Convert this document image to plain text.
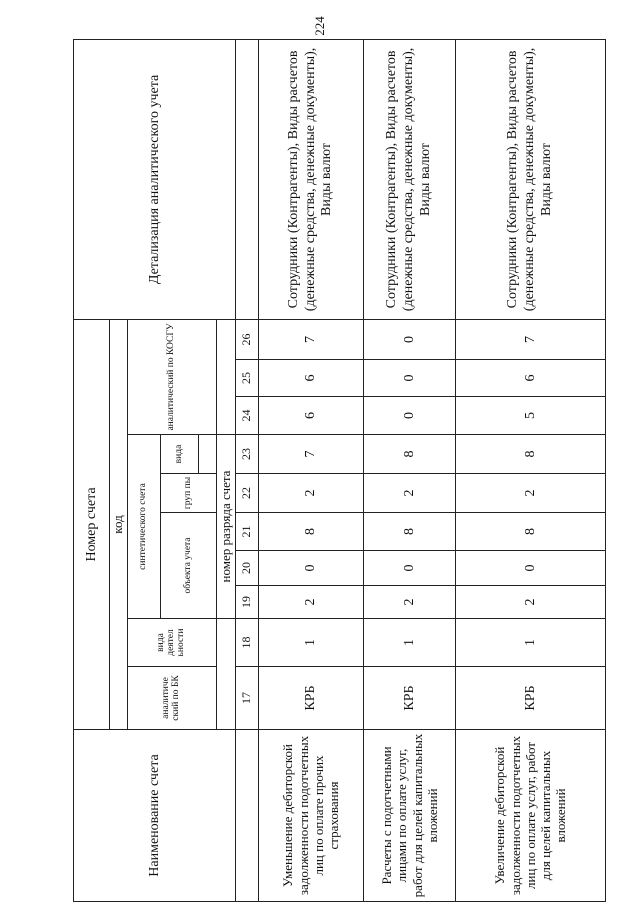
224
Наименование счета	Номер счета										Детализация аналитического учета
	код										
	аналитиче ский по БК	вида деятел ьности	синтетического счета					аналитический по КОСГУ			
			объекта учета			груп пы	вида				

			номер разряда счета								
	17	18	19	20	21	22	23	24	25	26	
Уменьшение дебиторской задолженности подотчетных лиц по оплате прочих страхования	КРБ	1	2	0	8	2	7	6	6	7	Сотрудники (Контрагенты), Виды расчетов (денежные средства, денежные документы), Виды валют
Расчеты с подотчетными лицами по оплате услуг, работ для целей капитальных вложений	КРБ	1	2	0	8	2	8	0	0	0	Сотрудники (Контрагенты), Виды расчетов (денежные средства, денежные документы), Виды валют
Увеличение дебиторской задолженности подотчетных лиц по оплате услуг, работ для целей капитальных вложений	КРБ	1	2	0	8	2	8	5	6	7	Сотрудники (Контрагенты), Виды расчетов (денежные средства, денежные документы), Виды валют
